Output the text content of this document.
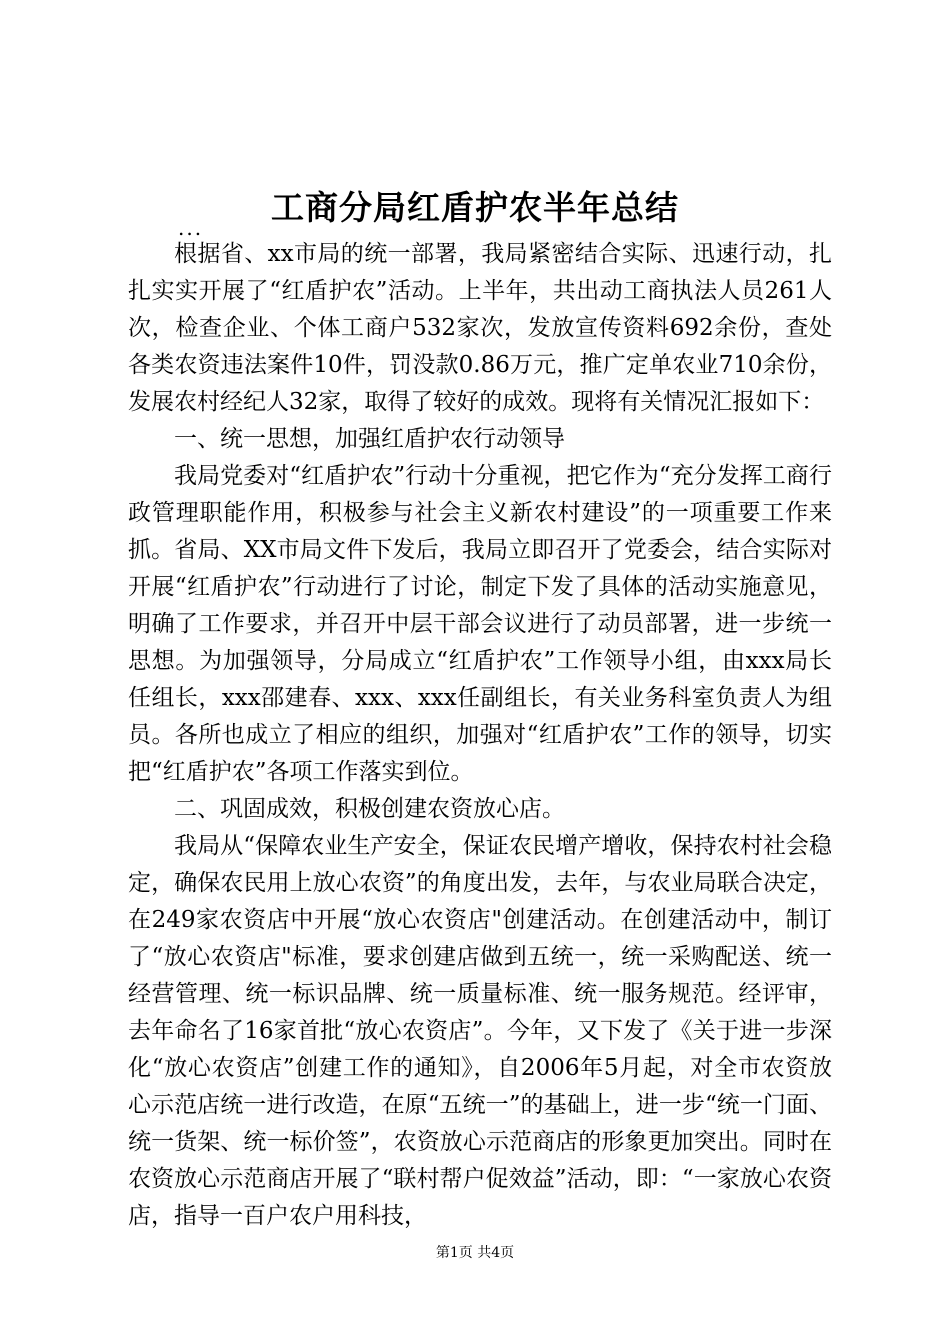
工商分局红盾护农半年总结
...

根据省、xx市局的统一部署，我局紧密结合实际、迅速行动，扎扎实实开展了“红盾护农”活动。上半年，共出动工商执法人员261人次，检查企业、个体工商户532家次，发放宣传资料692余份，查处各类农资违法案件10件，罚没款0.86万元，推广定单农业710余份，发展农村经纪人32家，取得了较好的成效。现将有关情况汇报如下：

一、统一思想，加强红盾护农行动领导

我局党委对“红盾护农”行动十分重视，把它作为“充分发挥工商行政管理职能作用，积极参与社会主义新农村建设”的一项重要工作来抓。省局、XX市局文件下发后，我局立即召开了党委会，结合实际对开展“红盾护农”行动进行了讨论，制定下发了具体的活动实施意见，明确了工作要求，并召开中层干部会议进行了动员部署，进一步统一思想。为加强领导，分局成立“红盾护农”工作领导小组，由xxx局长任组长，xxx邵建春、xxx、xxx任副组长，有关业务科室负责人为组员。各所也成立了相应的组织，加强对“红盾护农”工作的领导，切实把“红盾护农”各项工作落实到位。

二、巩固成效，积极创建农资放心店。

我局从“保障农业生产安全，保证农民增产增收，保持农村社会稳定，确保农民用上放心农资”的角度出发，去年，与农业局联合决定，在249家农资店中开展“放心农资店"创建活动。在创建活动中，制订了“放心农资店"标准，要求创建店做到五统一，统一采购配送、统一经营管理、统一标识品牌、统一质量标准、统一服务规范。经评审，去年命名了16家首批“放心农资店”。今年，又下发了《关于进一步深化“放心农资店”创建工作的通知》，自2006年5月起，对全市农资放心示范店统一进行改造，在原“五统一”的基础上，进一步“统一门面、统一货架、统一标价签”，农资放心示范商店的形象更加突出。同时在农资放心示范商店开展了“联村帮户促效益”活动，即：“一家放心农资店，指导一百户农户用科技，

第1页 共4页
